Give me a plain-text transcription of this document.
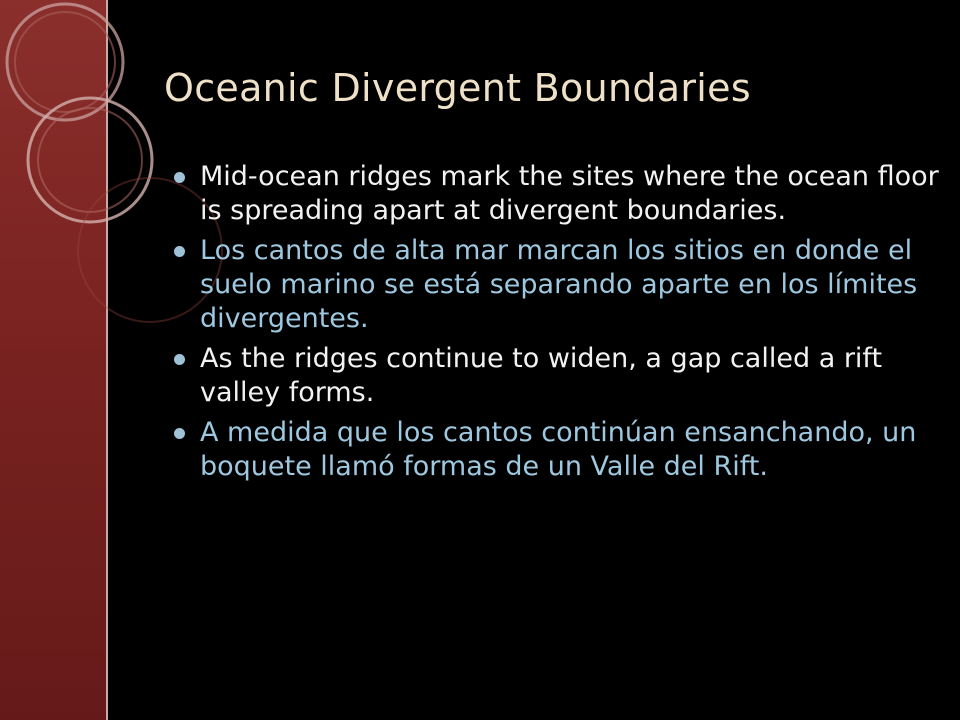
Oceanic Divergent Boundaries
Mid-ocean ridges mark the sites where the ocean floor is spreading apart at divergent boundaries.
Los cantos de alta mar marcan los sitios en donde el suelo marino se está separando aparte en los límites divergentes.
As the ridges continue to widen, a gap called a rift valley forms.
A medida que los cantos continúan ensanchando, un boquete llamó formas de un Valle del Rift.
